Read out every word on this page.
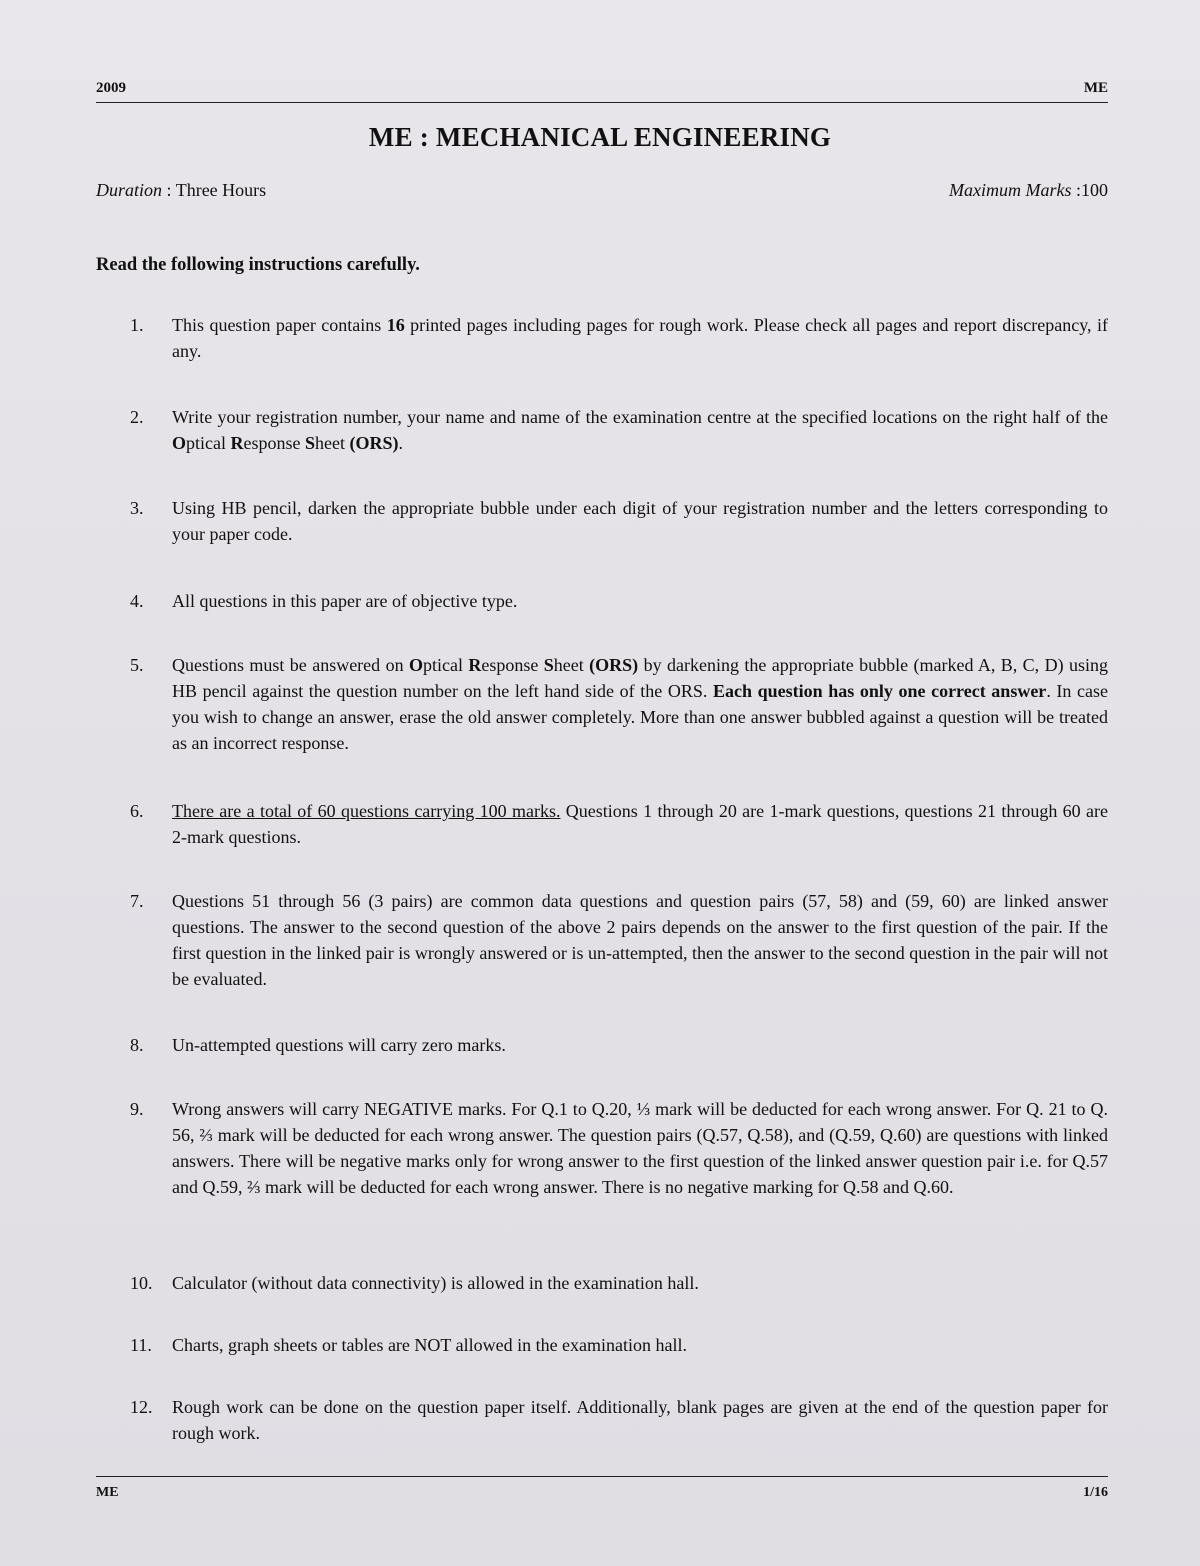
2009	ME
ME : MECHANICAL ENGINEERING
Duration : Three Hours	Maximum Marks :100
Read the following instructions carefully.
1.	This question paper contains 16 printed pages including pages for rough work. Please check all pages and report discrepancy, if any.
2.	Write your registration number, your name and name of the examination centre at the specified locations on the right half of the Optical Response Sheet (ORS).
3.	Using HB pencil, darken the appropriate bubble under each digit of your registration number and the letters corresponding to your paper code.
4.	All questions in this paper are of objective type.
5.	Questions must be answered on Optical Response Sheet (ORS) by darkening the appropriate bubble (marked A, B, C, D) using HB pencil against the question number on the left hand side of the ORS. Each question has only one correct answer. In case you wish to change an answer, erase the old answer completely. More than one answer bubbled against a question will be treated as an incorrect response.
6.	There are a total of 60 questions carrying 100 marks. Questions 1 through 20 are 1-mark questions, questions 21 through 60 are 2-mark questions.
7.	Questions 51 through 56 (3 pairs) are common data questions and question pairs (57, 58) and (59, 60) are linked answer questions. The answer to the second question of the above 2 pairs depends on the answer to the first question of the pair. If the first question in the linked pair is wrongly answered or is un-attempted, then the answer to the second question in the pair will not be evaluated.
8.	Un-attempted questions will carry zero marks.
9.	Wrong answers will carry NEGATIVE marks. For Q.1 to Q.20, ⅓ mark will be deducted for each wrong answer. For Q. 21 to Q. 56, ⅔ mark will be deducted for each wrong answer. The question pairs (Q.57, Q.58), and (Q.59, Q.60) are questions with linked answers. There will be negative marks only for wrong answer to the first question of the linked answer question pair i.e. for Q.57 and Q.59, ⅔ mark will be deducted for each wrong answer. There is no negative marking for Q.58 and Q.60.
10.	Calculator (without data connectivity) is allowed in the examination hall.
11.	Charts, graph sheets or tables are NOT allowed in the examination hall.
12.	Rough work can be done on the question paper itself. Additionally, blank pages are given at the end of the question paper for rough work.
ME	1/16
